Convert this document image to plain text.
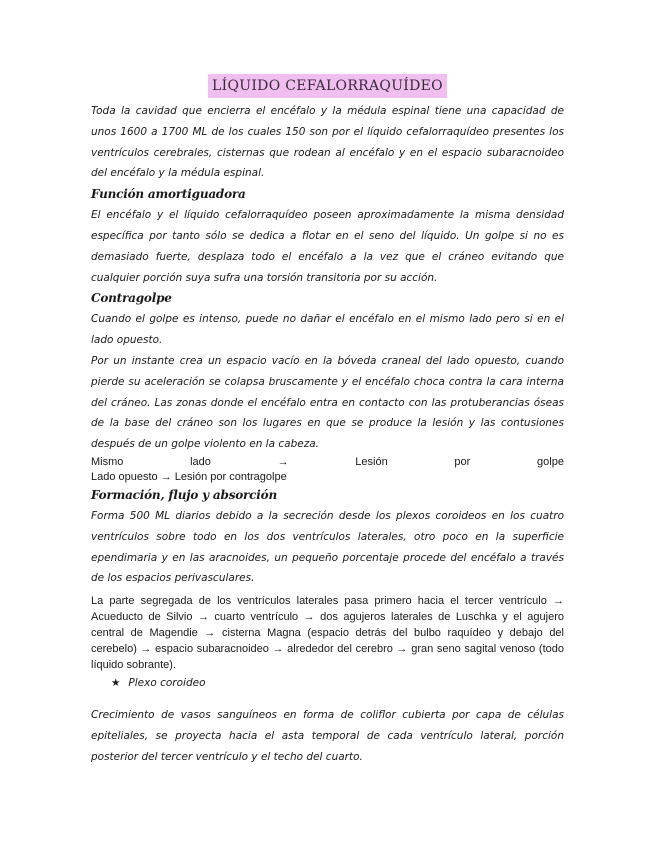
LÍQUIDO CEFALORRAQUÍDEO

Toda la cavidad que encierra el encéfalo y la médula espinal tiene una capacidad de unos 1600 a 1700 ML de los cuales 150 son por el líquido cefalorraquídeo presentes los ventrículos cerebrales, cisternas que rodean al encéfalo y en el espacio subaracnoideo del encéfalo y la médula espinal.

Función amortiguadora

El encéfalo y el líquido cefalorraquídeo poseen aproximadamente la misma densidad específica por tanto sólo se dedica a flotar en el seno del líquido. Un golpe si no es demasiado fuerte, desplaza todo el encéfalo a la vez que el cráneo evitando que cualquier porción suya sufra una torsión transitoria por su acción.

Contragolpe

Cuando el golpe es intenso, puede no dañar el encéfalo en el mismo lado pero si en el lado opuesto.

Por un instante crea un espacio vacío en la bóveda craneal del lado opuesto, cuando pierde su aceleración se colapsa bruscamente y el encéfalo choca contra la cara interna del cráneo. Las zonas donde el encéfalo entra en contacto con las protuberancias óseas de la base del cráneo son los lugares en que se produce la lesión y las contusiones después de un golpe violento en la cabeza.

Mismo	lado	→	Lesión	por	golpe

Lado opuesto → Lesión por contragolpe

Formación, flujo y absorción

Forma 500 ML diarios debido a la secreción desde los plexos coroideos en los cuatro ventrículos sobre todo en los dos ventrículos laterales, otro poco en la superficie ependimaria y en las aracnoides, un pequeño porcentaje procede del encéfalo a través de los espacios perivasculares.

La parte segregada de los ventrículos laterales pasa primero hacia el tercer ventrículo → Acueducto de Silvio → cuarto ventrículo → dos agujeros laterales de Luschka y el agujero central de Magendie → cisterna Magna (espacio detrás del bulbo raquídeo y debajo del cerebelo) → espacio subaracnoideo → alrededor del cerebro → gran seno sagital venoso (todo líquido sobrante).

★ Plexo coroideo

Crecimiento de vasos sanguíneos en forma de coliflor cubierta por capa de células epiteliales, se proyecta hacia el asta temporal de cada ventrículo lateral, porción posterior del tercer ventrículo y el techo del cuarto.
